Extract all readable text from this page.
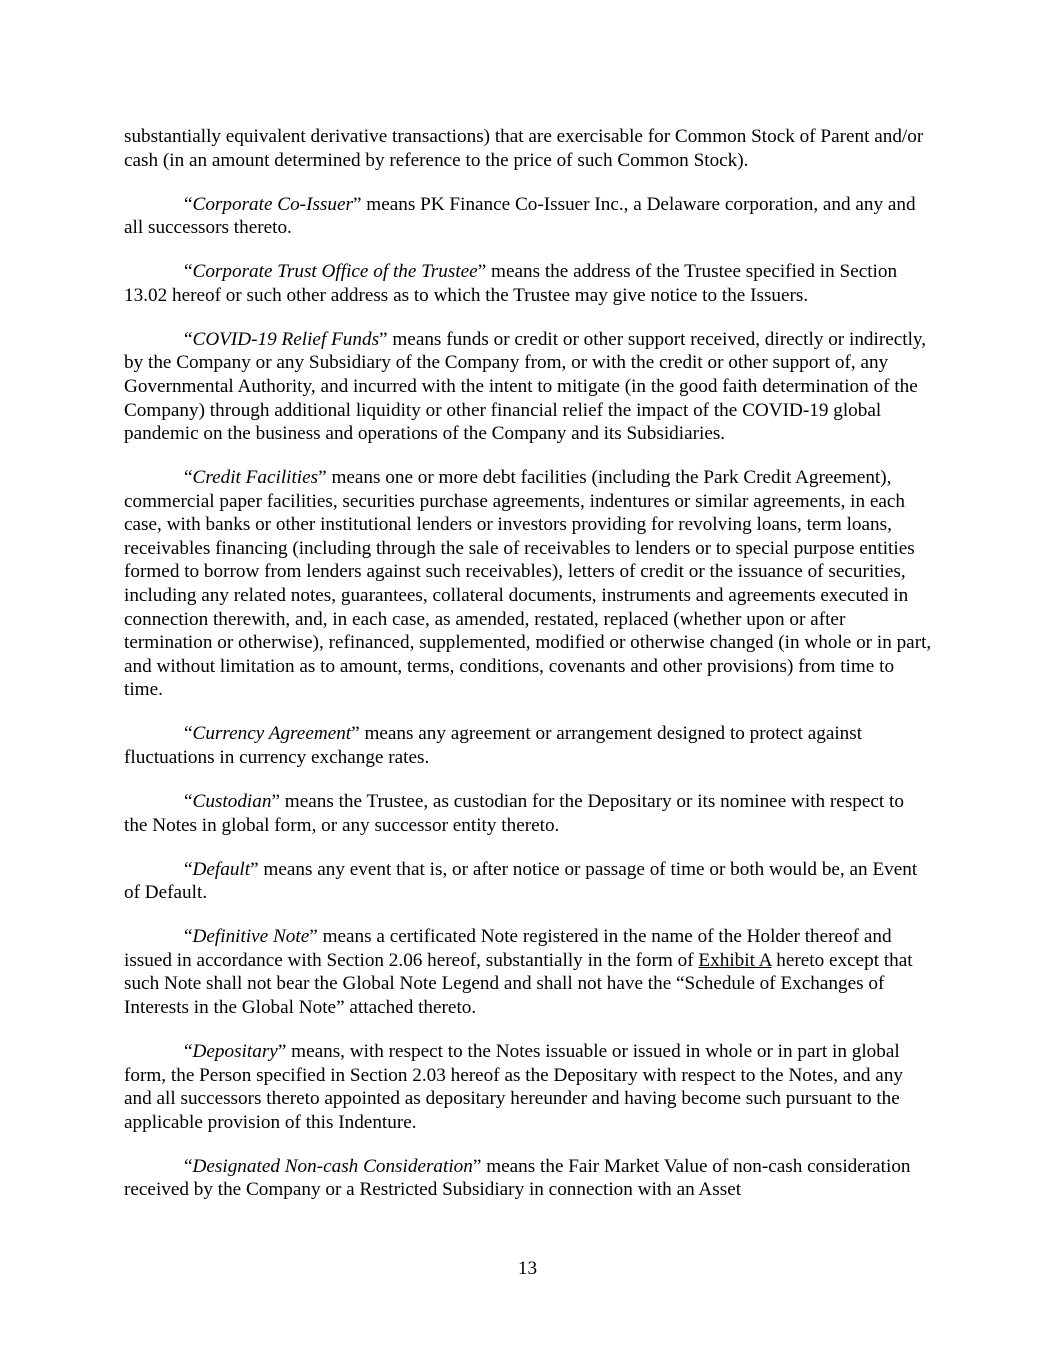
substantially equivalent derivative transactions) that are exercisable for Common Stock of Parent and/or cash (in an amount determined by reference to the price of such Common Stock).

“Corporate Co-Issuer” means PK Finance Co-Issuer Inc., a Delaware corporation, and any and all successors thereto.

“Corporate Trust Office of the Trustee” means the address of the Trustee specified in Section 13.02 hereof or such other address as to which the Trustee may give notice to the Issuers.

“COVID-19 Relief Funds” means funds or credit or other support received, directly or indirectly, by the Company or any Subsidiary of the Company from, or with the credit or other support of, any Governmental Authority, and incurred with the intent to mitigate (in the good faith determination of the Company) through additional liquidity or other financial relief the impact of the COVID-19 global pandemic on the business and operations of the Company and its Subsidiaries.

“Credit Facilities” means one or more debt facilities (including the Park Credit Agreement), commercial paper facilities, securities purchase agreements, indentures or similar agreements, in each case, with banks or other institutional lenders or investors providing for revolving loans, term loans, receivables financing (including through the sale of receivables to lenders or to special purpose entities formed to borrow from lenders against such receivables), letters of credit or the issuance of securities, including any related notes, guarantees, collateral documents, instruments and agreements executed in connection therewith, and, in each case, as amended, restated, replaced (whether upon or after termination or otherwise), refinanced, supplemented, modified or otherwise changed (in whole or in part, and without limitation as to amount, terms, conditions, covenants and other provisions) from time to time.

“Currency Agreement” means any agreement or arrangement designed to protect against fluctuations in currency exchange rates.

“Custodian” means the Trustee, as custodian for the Depositary or its nominee with respect to the Notes in global form, or any successor entity thereto.

“Default” means any event that is, or after notice or passage of time or both would be, an Event of Default.

“Definitive Note” means a certificated Note registered in the name of the Holder thereof and issued in accordance with Section 2.06 hereof, substantially in the form of Exhibit A hereto except that such Note shall not bear the Global Note Legend and shall not have the “Schedule of Exchanges of Interests in the Global Note” attached thereto.

“Depositary” means, with respect to the Notes issuable or issued in whole or in part in global form, the Person specified in Section 2.03 hereof as the Depositary with respect to the Notes, and any and all successors thereto appointed as depositary hereunder and having become such pursuant to the applicable provision of this Indenture.

“Designated Non-cash Consideration” means the Fair Market Value of non-cash consideration received by the Company or a Restricted Subsidiary in connection with an Asset

13
